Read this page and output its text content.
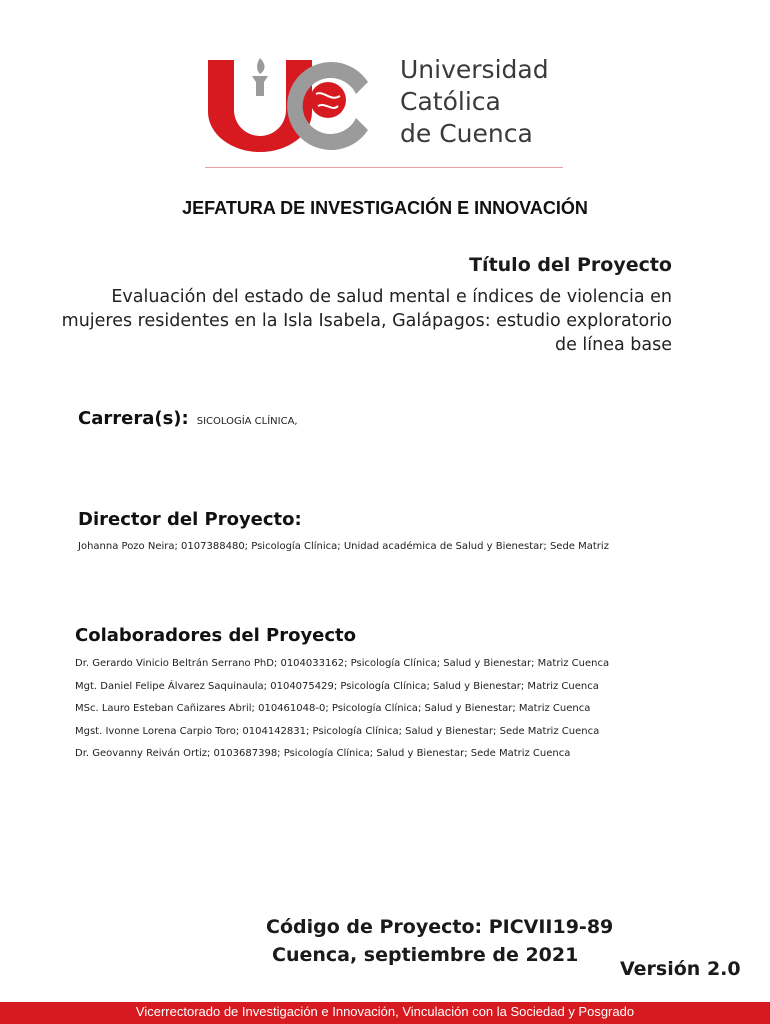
Universidad
Católica
de Cuenca
JEFATURA DE INVESTIGACIÓN E INNOVACIÓN
Título del Proyecto
Evaluación del estado de salud mental e índices de violencia en
mujeres residentes en la Isla Isabela, Galápagos: estudio exploratorio
de línea base
Carrera(s): SICOLOGÍA CLÍNICA,
Director del Proyecto:
Johanna Pozo Neira; 0107388480; Psicología Clínica; Unidad académica de Salud y Bienestar; Sede Matriz
Colaboradores del Proyecto
Dr. Gerardo Vinicio Beltrán Serrano PhD; 0104033162; Psicología Clínica; Salud y Bienestar; Matriz Cuenca
Mgt. Daniel Felipe Álvarez Saquinaula; 0104075429; Psicología Clínica; Salud y Bienestar; Matriz Cuenca
MSc. Lauro Esteban Cañizares Abril; 010461048-0; Psicología Clínica; Salud y Bienestar; Matriz Cuenca
Mgst. Ivonne Lorena Carpio Toro; 0104142831; Psicología Clínica; Salud y Bienestar; Sede Matriz Cuenca
Dr. Geovanny Reiván Ortiz; 0103687398; Psicología Clínica; Salud y Bienestar; Sede Matriz Cuenca
Código de Proyecto: PICVII19-89
Cuenca, septiembre de 2021
Versión 2.0
Vicerrectorado de Investigación e Innovación, Vinculación con la Sociedad y Posgrado
